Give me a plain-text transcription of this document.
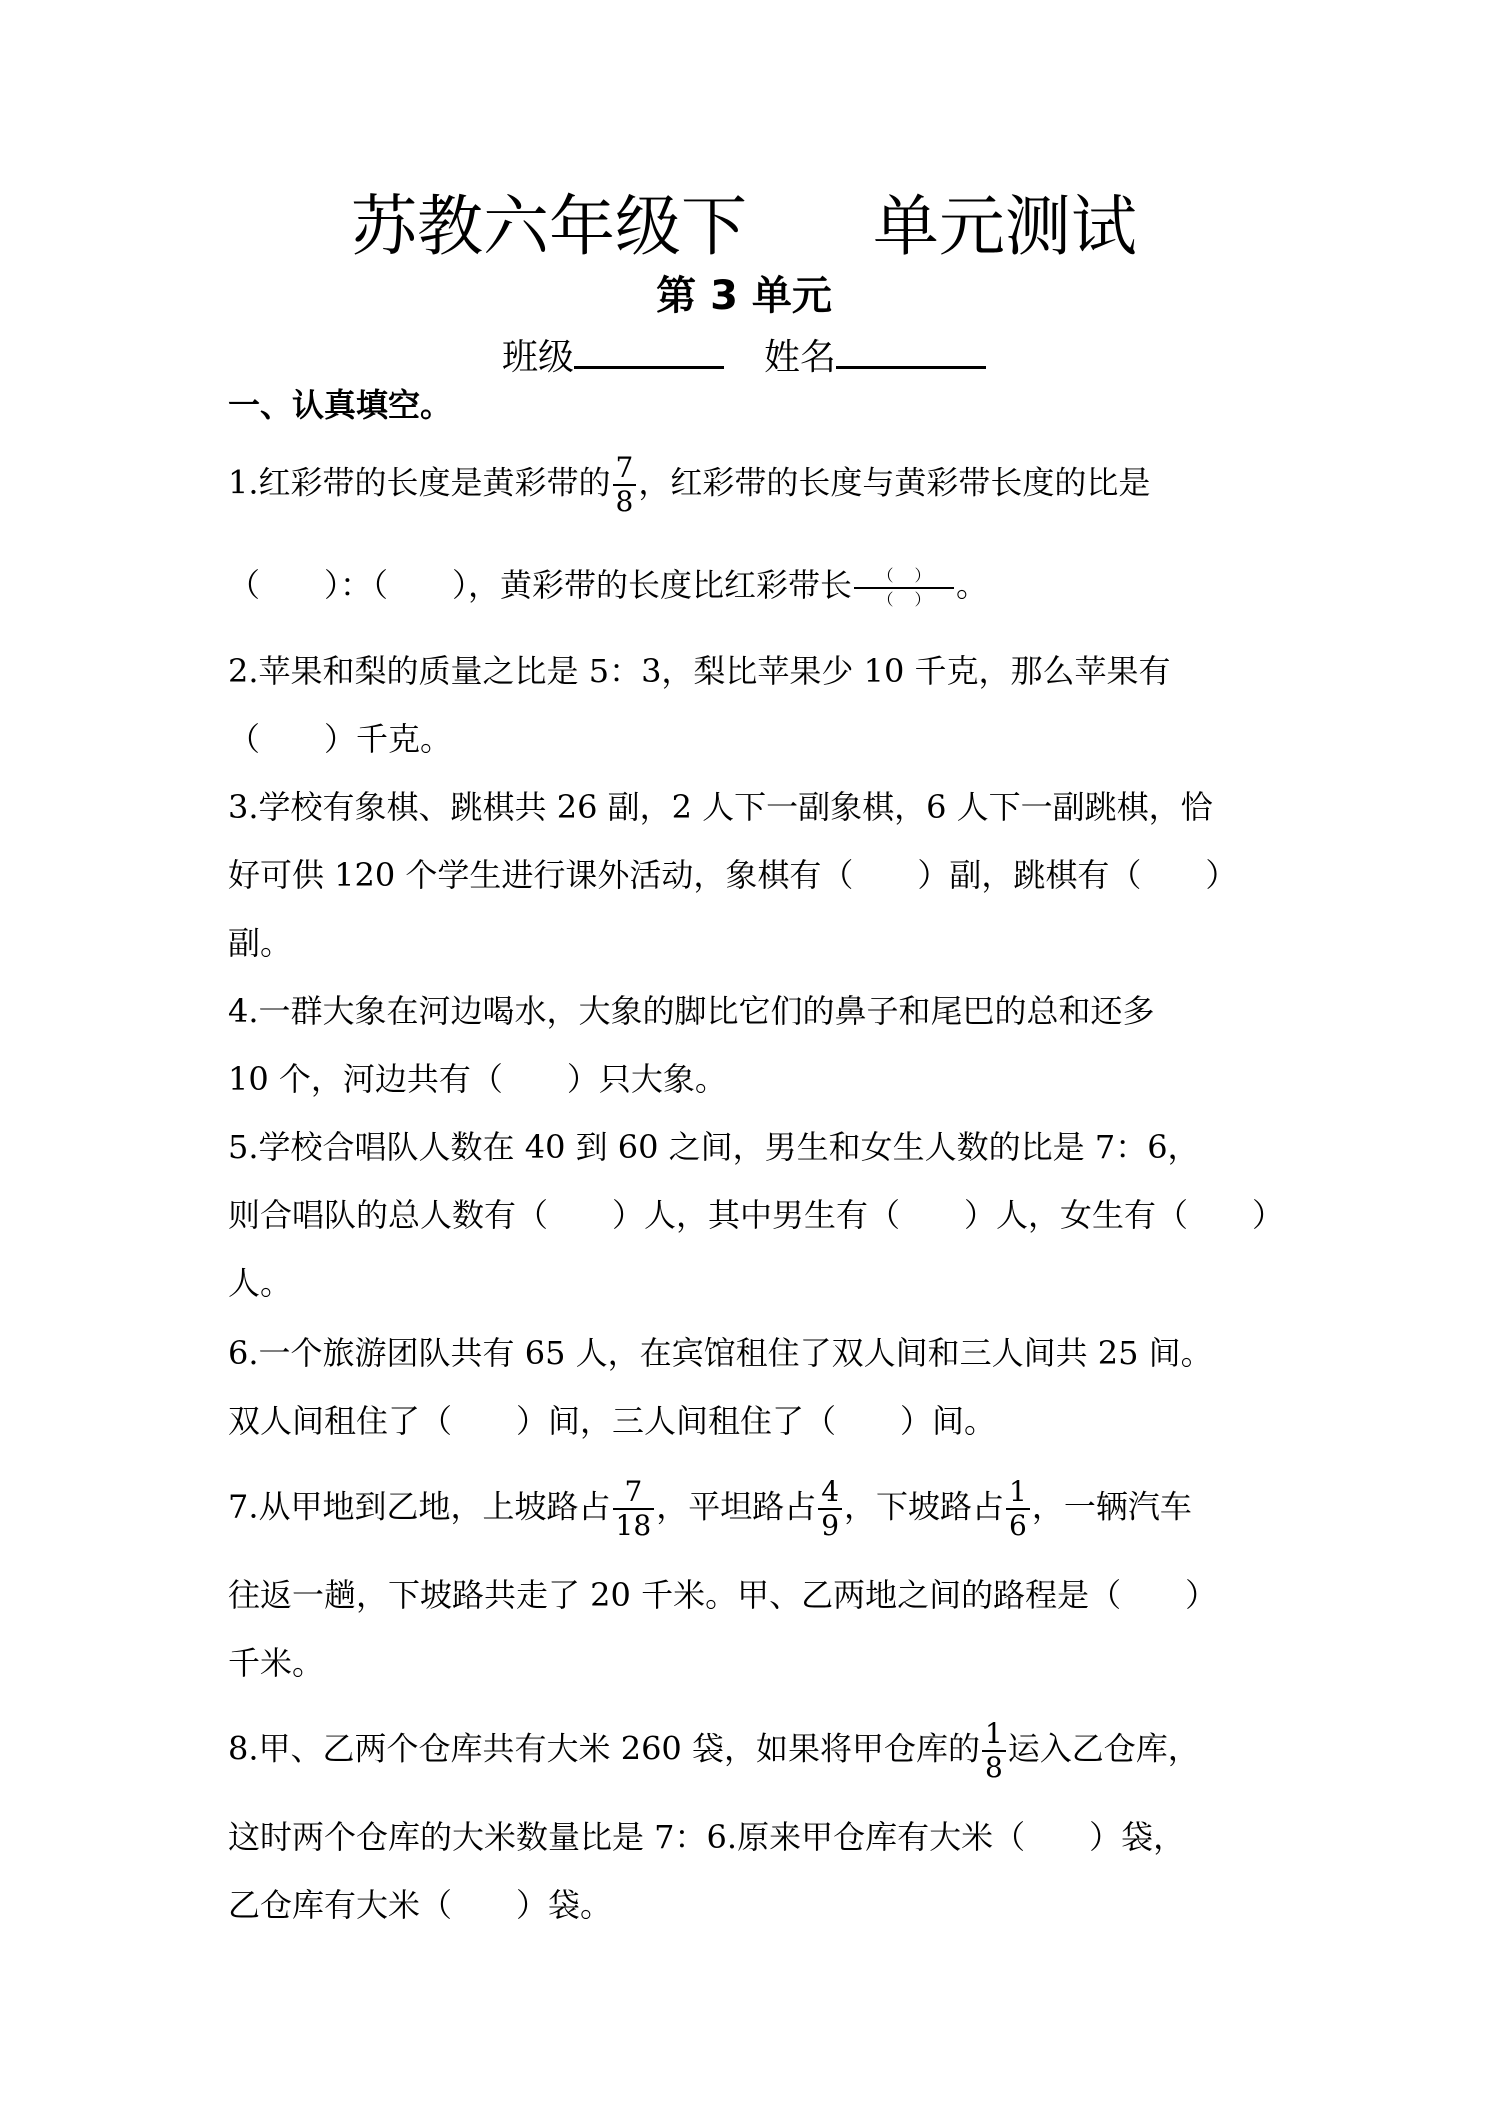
苏教六年级下      单元测试
第 3 单元
班级	姓名
一、认真填空。
1.红彩带的长度是黄彩带的 $\frac{7}{8}$ ，红彩带的长度与黄彩带长度的比是
（　　）：（　　），黄彩带的长度比红彩带长 $\frac{( )}{( )}$ 。
2.苹果和梨的质量之比是 5：3，梨比苹果少 10 千克，那么苹果有
（　　）千克。
3.学校有象棋、跳棋共 26 副，2 人下一副象棋，6 人下一副跳棋，恰
好可供 120 个学生进行课外活动，象棋有（　　）副，跳棋有（　　）
副。
4.一群大象在河边喝水，大象的脚比它们的鼻子和尾巴的总和还多
10 个，河边共有（　　）只大象。
5.学校合唱队人数在 40 到 60 之间，男生和女生人数的比是 7：6，
则合唱队的总人数有（　　）人，其中男生有（　　）人，女生有（　　）
人。
6.一个旅游团队共有 65 人，在宾馆租住了双人间和三人间共 25 间。
双人间租住了（　　）间，三人间租住了（　　）间。
7.从甲地到乙地，上坡路占 $\frac{7}{18}$ ，平坦路占 $\frac{4}{9}$ ，下坡路占 $\frac{1}{6}$ ，一辆汽车
往返一趟，下坡路共走了 20 千米。甲、乙两地之间的路程是（　　）
千米。
8.甲、乙两个仓库共有大米 260 袋，如果将甲仓库的 $\frac{1}{8}$ 运入乙仓库，
这时两个仓库的大米数量比是 7：6.原来甲仓库有大米（　　）袋，
乙仓库有大米（　　）袋。
